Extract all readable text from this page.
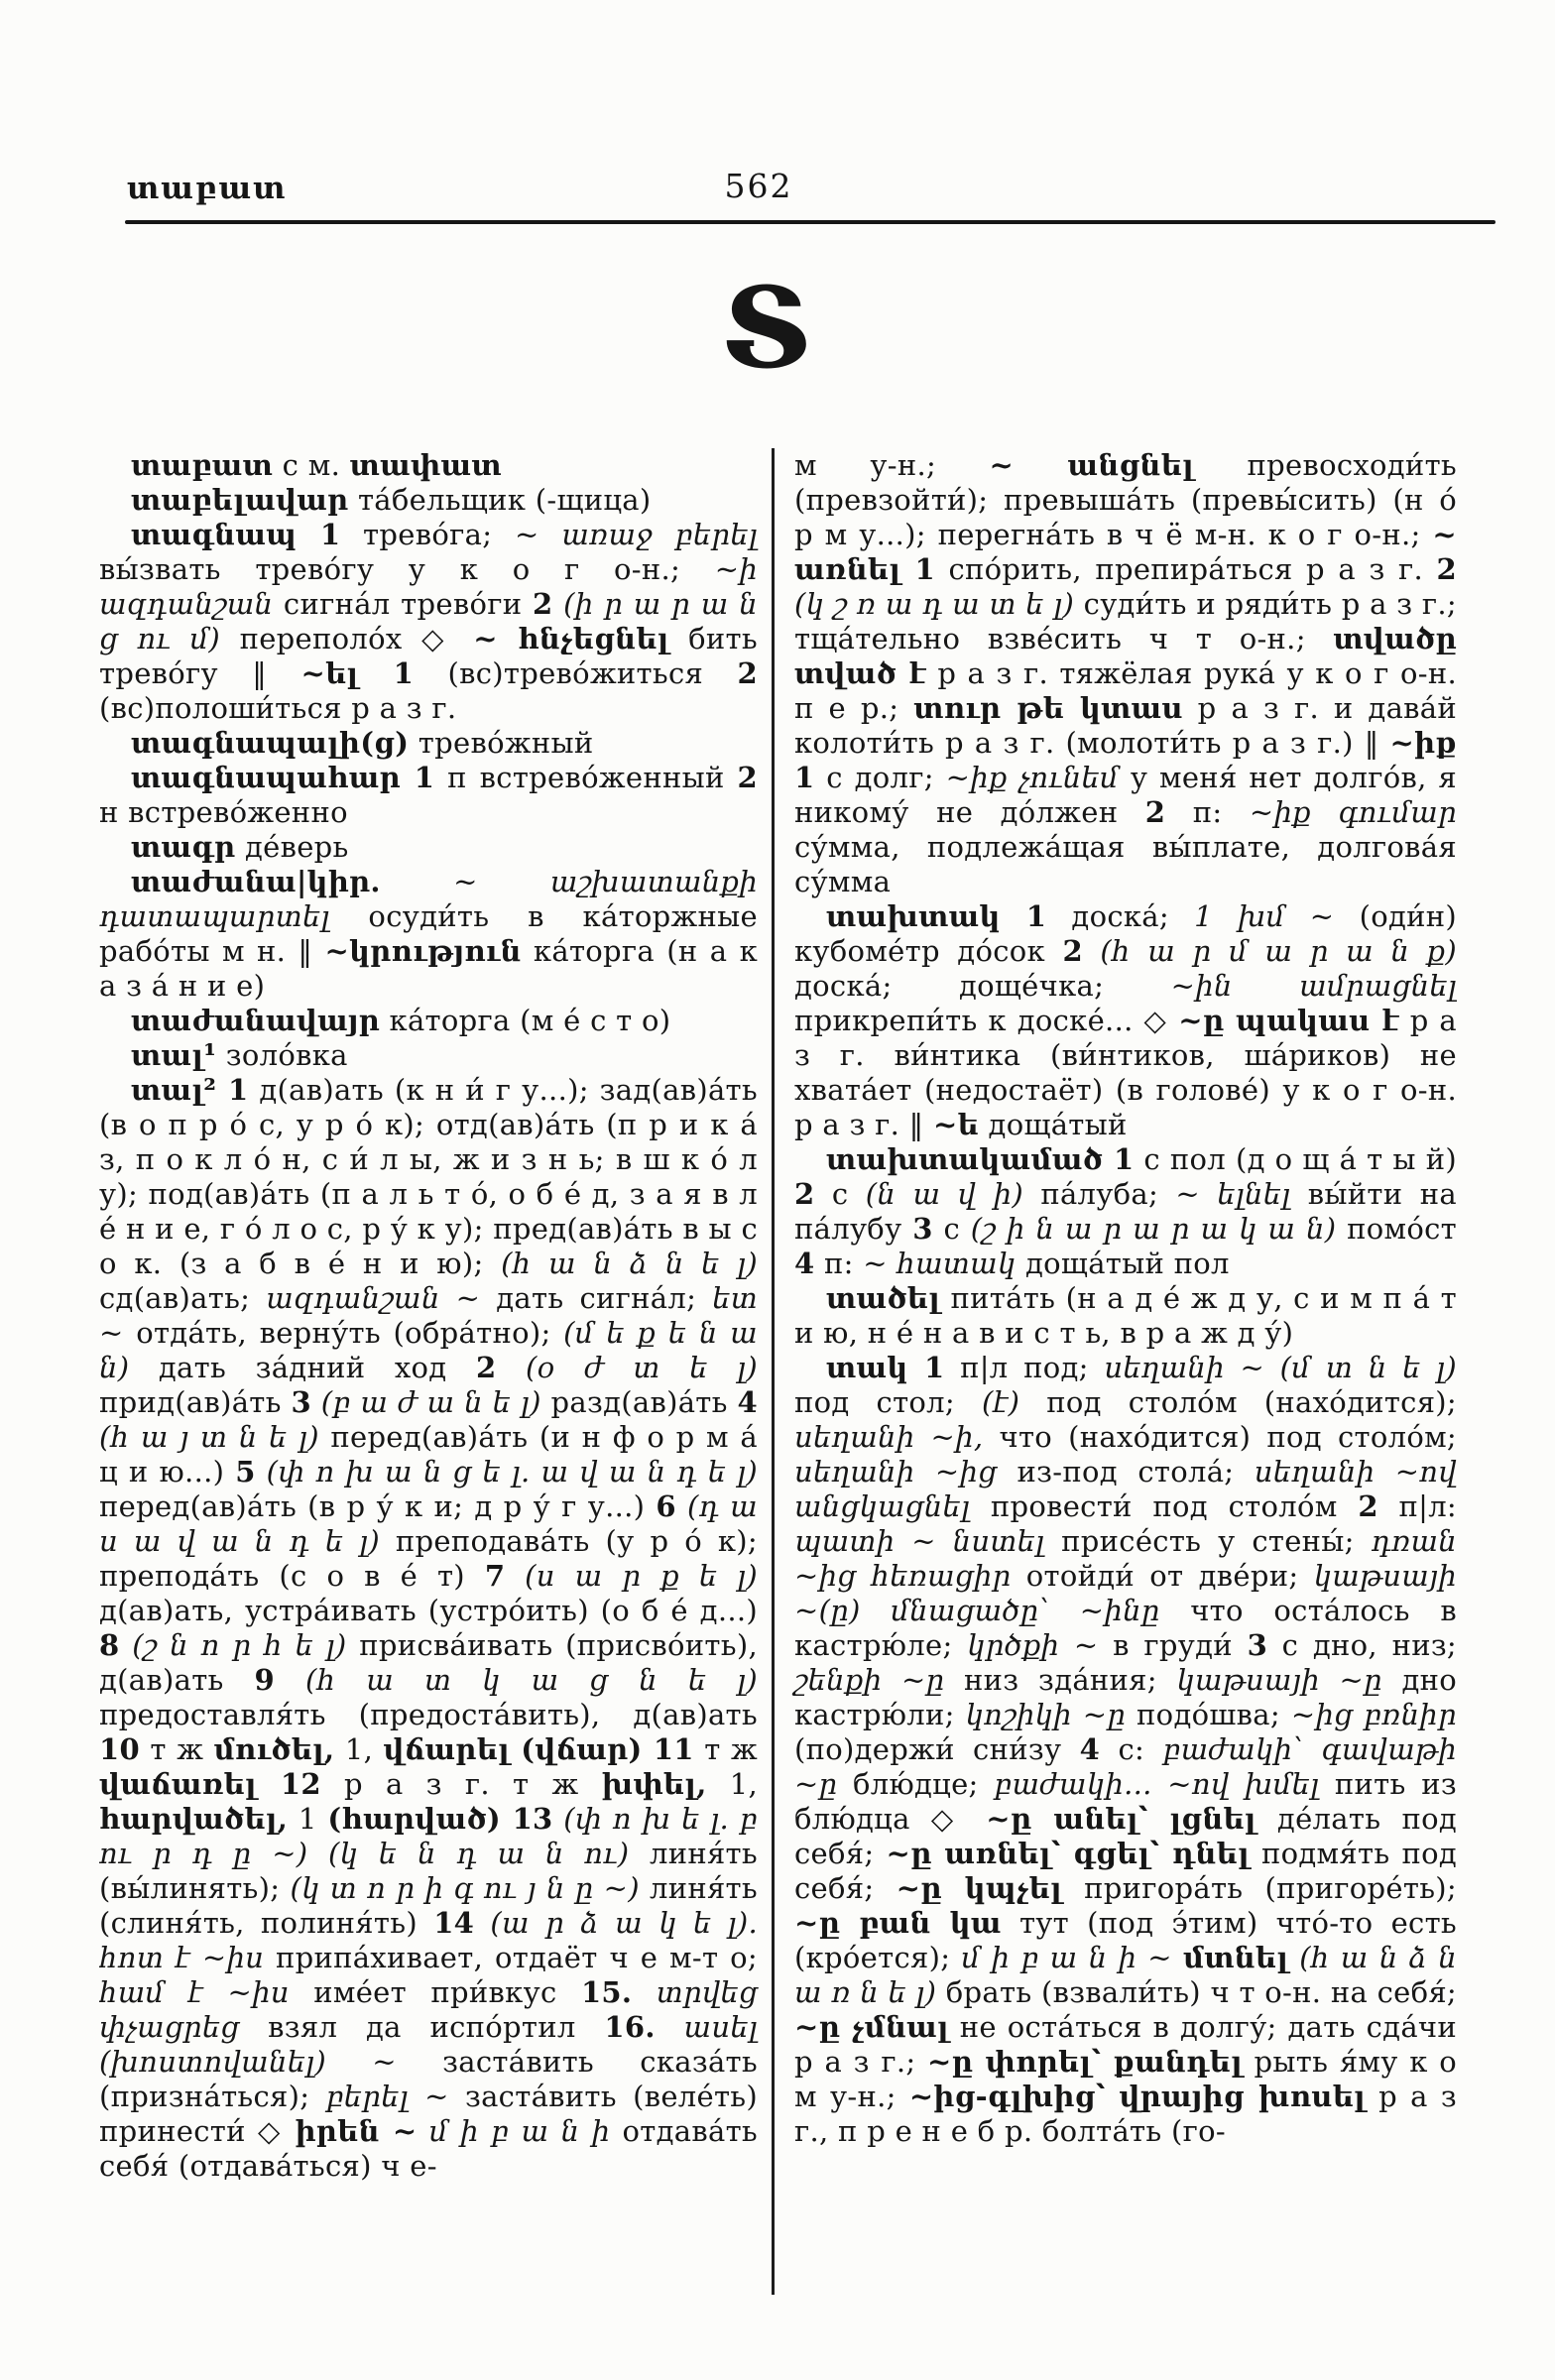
տաբատ	562
Տ

տաբատ с м. տափատ

տաբելավար та́бельщик (-щица)

տագնապ 1 трево́га; ~ առաջ բերել вы́звать трево́гу у к о г о-н.; ~ի ազդանշան сигна́л трево́ги 2 (ի ր ա ր ա ն ց ու մ) переполо́х ◇ ~ հնչեցնել бить трево́гу ‖ ~ել 1 (вс)трево́житься 2 (вс)полоши́ться р а з г.

տագնապալի(ց) трево́жный

տագնապահար 1 п встрево́женный 2 н встрево́женно

տագր де́верь

տաժանա|կիր. ~ աշխատանքի դատապարտել осуди́ть в ка́торжные рабо́ты м н. ‖ ~կրություն ка́торга (н а к а з а́ н и е)

տաժանավայր ка́торга (м е́ с т о)

տալ¹ золо́вка

տալ² 1 д(ав)ать (к н и́ г у...); зад(ав)а́ть (в о п р о́ с, у р о́ к); отд(ав)а́ть (п р и к а́ з, п о к л о́ н, с и́ л ы, ж и з н ь; в ш к о́ л у); под(ав)а́ть (п а л ь т о́, о б е́ д, з а я в л е́ н и е, г о́ л о с, р у́ к у); пред(ав)а́ть в ы с о к. (з а б в е́ н и ю); (հ ա ն ձ ն ե լ) сд(ав)ать; ազդանշան ~ дать сигна́л; ետ ~ отда́ть, верну́ть (обра́тно); (մ ե ք ե ն ա ն) дать за́дний ход 2 (օ ժ տ ե լ) прид(ав)а́ть 3 (բ ա ժ ա ն ե լ) разд(ав)а́ть 4 (հ ա յ տ ն ե լ) перед(ав)а́ть (и н ф о р м а́ ц и ю...) 5 (փ ո խ ա ն ց ե լ. ա վ ա ն դ ե լ) перед(ав)а́ть (в р у́ к и; д р у́ г у...) 6 (դ ա ս ա վ ա ն դ ե լ) преподава́ть (у р о́ к); препода́ть (с о в е́ т) 7 (ս ա ր ք ե լ) д(ав)ать, устра́ивать (устро́ить) (о б е́ д...) 8 (շ ն ո ր հ ե լ) присва́ивать (присво́ить), д(ав)ать 9 (հ ա տ կ ա ց ն ե լ) предоставля́ть (предоста́вить), д(ав)ать 10 т ж մուծել, 1, վճարել (վճար) 11 т ж վաճառել 12 р а з г. т ж խփել, 1, հարվածել, 1 (հարված) 13 (փ ո խ ե լ. բ ու ր դ ը ~) (կ ե ն դ ա ն ու) линя́ть (вы́линять); (կ տ ո ր ի գ ու յ ն ը ~) линя́ть (слиня́ть, полиня́ть) 14 (ա ր ձ ա կ ե լ). հոտ է ~իս припа́хивает, отдаёт ч е м-т о; համ է ~իս име́ет при́вкус 15. տրվեց փչացրեց взял да испо́ртил 16. ասել (խոստովանել) ~ заста́вить сказа́ть (призна́ться); բերել ~ заста́вить (веле́ть) принести́ ◇ իրեն ~ մ ի բ ա ն ի отдава́ть себя́ (отдава́ться) ч е-

м у-н.; ~ անցնել превосходи́ть (превзойти́); превыша́ть (превы́сить) (н о́ р м у...); перегна́ть в ч ё м-н. к о г о-н.; ~ առնել 1 спо́рить, препира́ться р а з г. 2 (կ շ ռ ա դ ա տ ե լ) суди́ть и ряди́ть р а з г.; тща́тельно взве́сить ч т о-н.; տվածը տված է р а з г. тяжёлая рука́ у к о г о-н. п е р.; տուր թե կտաս р а з г. и дава́й колоти́ть р а з г. (молоти́ть р а з г.) ‖ ~իք 1 с долг; ~իք չունեմ у меня́ нет долго́в, я никому́ не до́лжен 2 п: ~իք գումար су́мма, подлежа́щая вы́плате, долгова́я су́мма

տախտակ 1 доска́; 1 խմ ~ (оди́н) кубоме́тр до́сок 2 (հ ա ր մ ա ր ա ն ք) доска́; доще́чка; ~ին ամրացնել прикрепи́ть к доске́... ◇ ~ը պակաս է р а з г. ви́нтика (ви́нтиков, ша́риков) не хвата́ет (недостаёт) (в голове́) у к о г о-н. р а з г. ‖ ~ե доща́тый

տախտակամած 1 с пол (д о щ а́ т ы й) 2 с (ն ա վ ի) па́луба; ~ ելնել вы́йти на па́лубу 3 с (շ ի ն ա ր ա ր ա կ ա ն) помо́ст 4 п: ~ հատակ доща́тый пол

տածել пита́ть (н а д е́ ж д у, с и м п а́ т и ю, н е́ н а в и с т ь, в р а ж д у́)

տակ 1 п|л под; սեղանի ~ (մ տ ն ե լ) под стол; (է) под столо́м (нахо́дится); սեղանի ~ի, что (нахо́дится) под столо́м; սեղանի ~ից из-под стола́; սեղանի ~ով անցկացնել провести́ под столо́м 2 п|л: պատի ~ նստել присе́сть у стены́; դռան ~ից հեռացիր отойди́ от две́ри; կաթսայի ~(ը) մնացածը՝ ~ինը что оста́лось в кастрю́ле; կրծքի ~ в груди́ 3 с дно, низ; շենքի ~ը низ зда́ния; կաթսայի ~ը дно кастрю́ли; կոշիկի ~ը подо́шва; ~ից բռնիր (по)держи́ сни́зу 4 с: բաժակի՝ գավաթի ~ը блю́дце; բաժակի... ~ով խմել пить из блю́дца ◇ ~ը անել՝ լցնել де́лать под себя́; ~ը առնել՝ գցել՝ դնել подмя́ть под себя́; ~ը կպչել пригора́ть (пригоре́ть); ~ը բան կա тут (под э́тим) что́-то есть (кро́ется); մ ի բ ա ն ի ~ մտնել (հ ա ն ձ ն ա ռ ն ե լ) брать (взвали́ть) ч т о-н. на себя́; ~ը չմնալ не оста́ться в долгу́; дать сда́чи р а з г.; ~ը փորել՝ քանդել рыть я́му к о м у-н.; ~ից-գլխից՝ վրայից խոսել р а з г., п р е н е б р. болта́ть (го-
